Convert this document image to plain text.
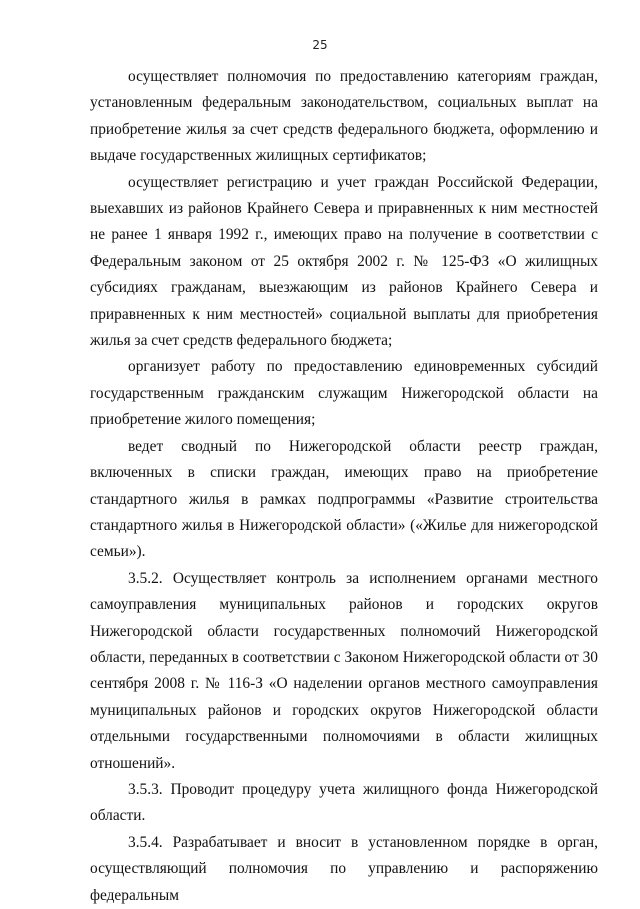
25

осуществляет полномочия по предоставлению категориям граждан, установленным федеральным законодательством, социальных выплат на приобретение жилья за счет средств федерального бюджета, оформлению и выдаче государственных жилищных сертификатов;

осуществляет регистрацию и учет граждан Российской Федерации, выехавших из районов Крайнего Севера и приравненных к ним местностей не ранее 1 января 1992 г., имеющих право на получение в соответствии с Федеральным законом от 25 октября 2002 г. № 125-ФЗ «О жилищных субсидиях гражданам, выезжающим из районов Крайнего Севера и приравненных к ним местностей» социальной выплаты для приобретения жилья за счет средств федерального бюджета;

организует работу по предоставлению единовременных субсидий государственным гражданским служащим Нижегородской области на приобретение жилого помещения;

ведет сводный по Нижегородской области реестр граждан, включенных в списки граждан, имеющих право на приобретение стандартного жилья в рамках подпрограммы «Развитие строительства стандартного жилья в Нижегородской области» («Жилье для нижегородской семьи»).

3.5.2. Осуществляет контроль за исполнением органами местного самоуправления муниципальных районов и городских округов Нижегородской области государственных полномочий Нижегородской области, переданных в соответствии с Законом Нижегородской области от 30 сентября 2008 г. № 116-З «О наделении органов местного самоуправления муниципальных районов и городских округов Нижегородской области отдельными государственными полномочиями в области жилищных отношений».

3.5.3. Проводит процедуру учета жилищного фонда Нижегородской области.

3.5.4. Разрабатывает и вносит в установленном порядке в орган, осуществляющий полномочия по управлению и распоряжению федеральным
